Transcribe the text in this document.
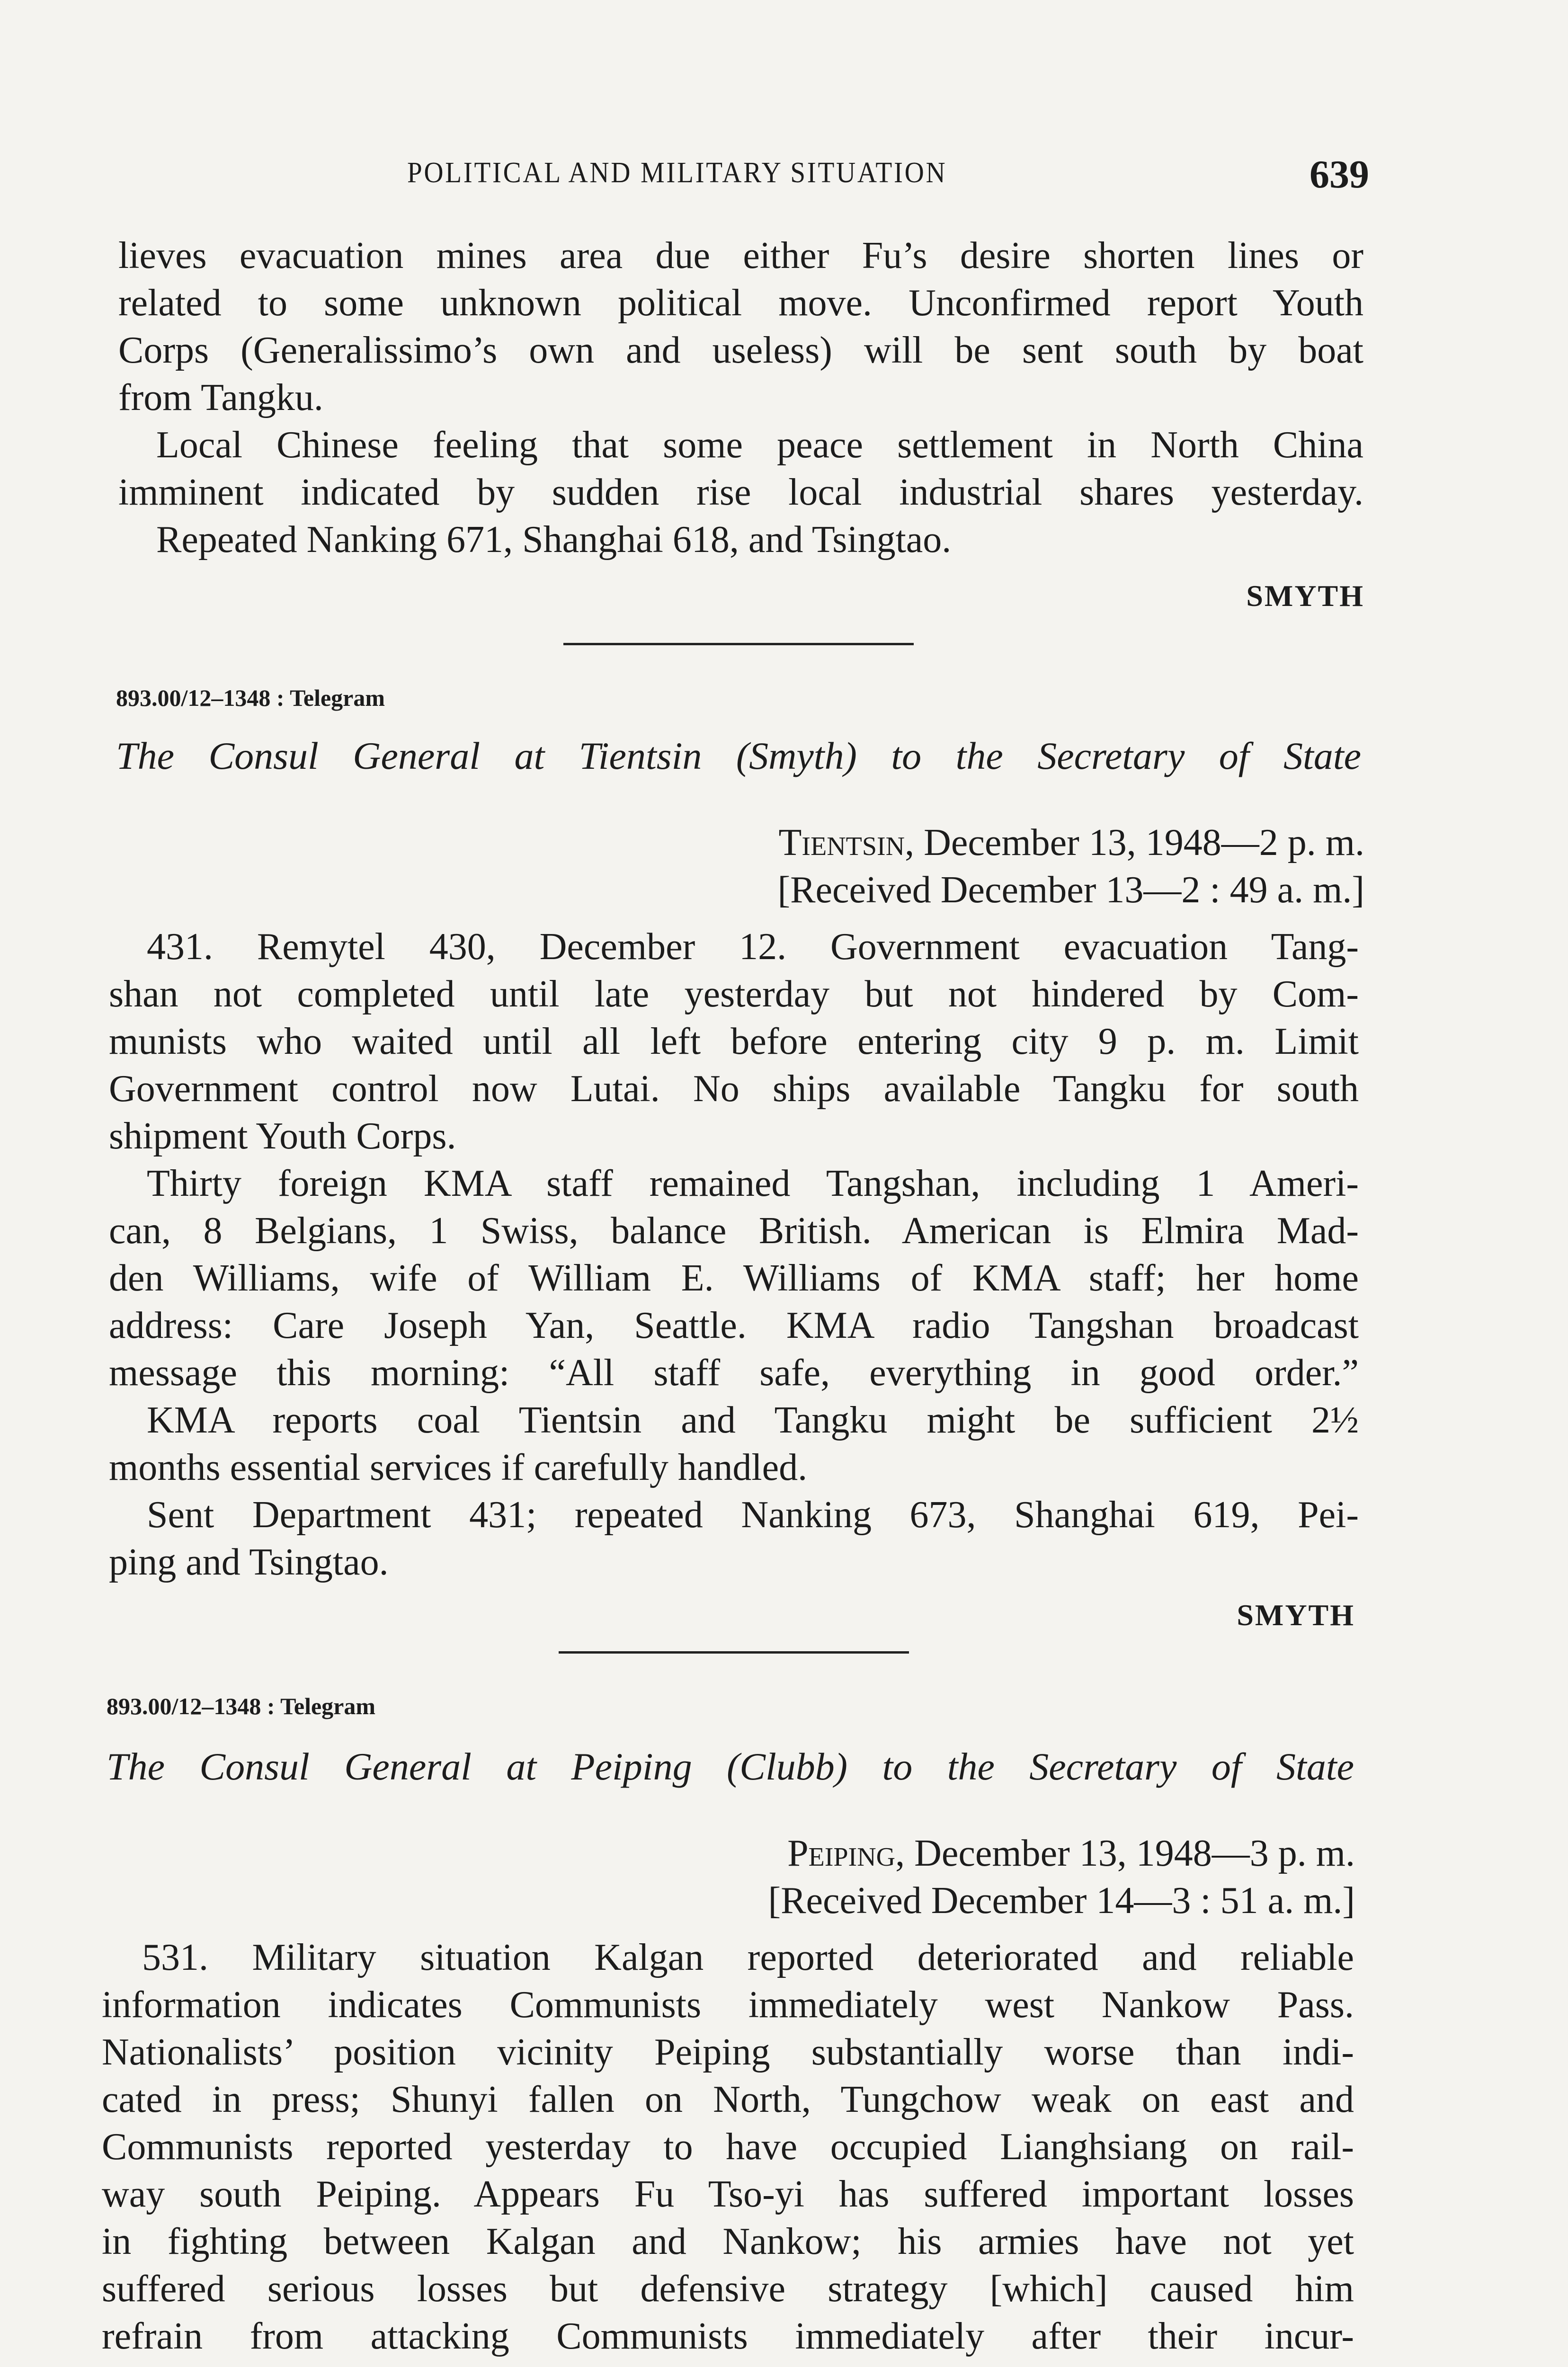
POLITICAL AND MILITARY SITUATION	639
lieves evacuation mines area due either Fu’s desire shorten lines or
related to some unknown political move. Unconfirmed report Youth
Corps (Generalissimo’s own and useless) will be sent south by boat
from Tangku.
Local Chinese feeling that some peace settlement in North China
imminent indicated by sudden rise local industrial shares yesterday.
Repeated Nanking 671, Shanghai 618, and Tsingtao.
SMYTH
893.00/12–1348 : Telegram
The Consul General at Tientsin (Smyth) to the Secretary of State
Tientsin, December 13, 1948—2 p. m.
[Received December 13—2 : 49 a. m.]
431. Remytel 430, December 12. Government evacuation Tang-
shan not completed until late yesterday but not hindered by Com-
munists who waited until all left before entering city 9 p. m. Limit
Government control now Lutai. No ships available Tangku for south
shipment Youth Corps.
Thirty foreign KMA staff remained Tangshan, including 1 Ameri-
can, 8 Belgians, 1 Swiss, balance British. American is Elmira Mad-
den Williams, wife of William E. Williams of KMA staff; her home
address: Care Joseph Yan, Seattle. KMA radio Tangshan broadcast
message this morning: “All staff safe, everything in good order.”
KMA reports coal Tientsin and Tangku might be sufficient 2½
months essential services if carefully handled.
Sent Department 431; repeated Nanking 673, Shanghai 619, Pei-
ping and Tsingtao.
SMYTH
893.00/12–1348 : Telegram
The Consul General at Peiping (Clubb) to the Secretary of State
Peiping, December 13, 1948—3 p. m.
[Received December 14—3 : 51 a. m.]
531. Military situation Kalgan reported deteriorated and reliable
information indicates Communists immediately west Nankow Pass.
Nationalists’ position vicinity Peiping substantially worse than indi-
cated in press; Shunyi fallen on North, Tungchow weak on east and
Communists reported yesterday to have occupied Lianghsiang on rail-
way south Peiping. Appears Fu Tso-yi has suffered important losses
in fighting between Kalgan and Nankow; his armies have not yet
suffered serious losses but defensive strategy [which] caused him
refrain from attacking Communists immediately after their incur-
